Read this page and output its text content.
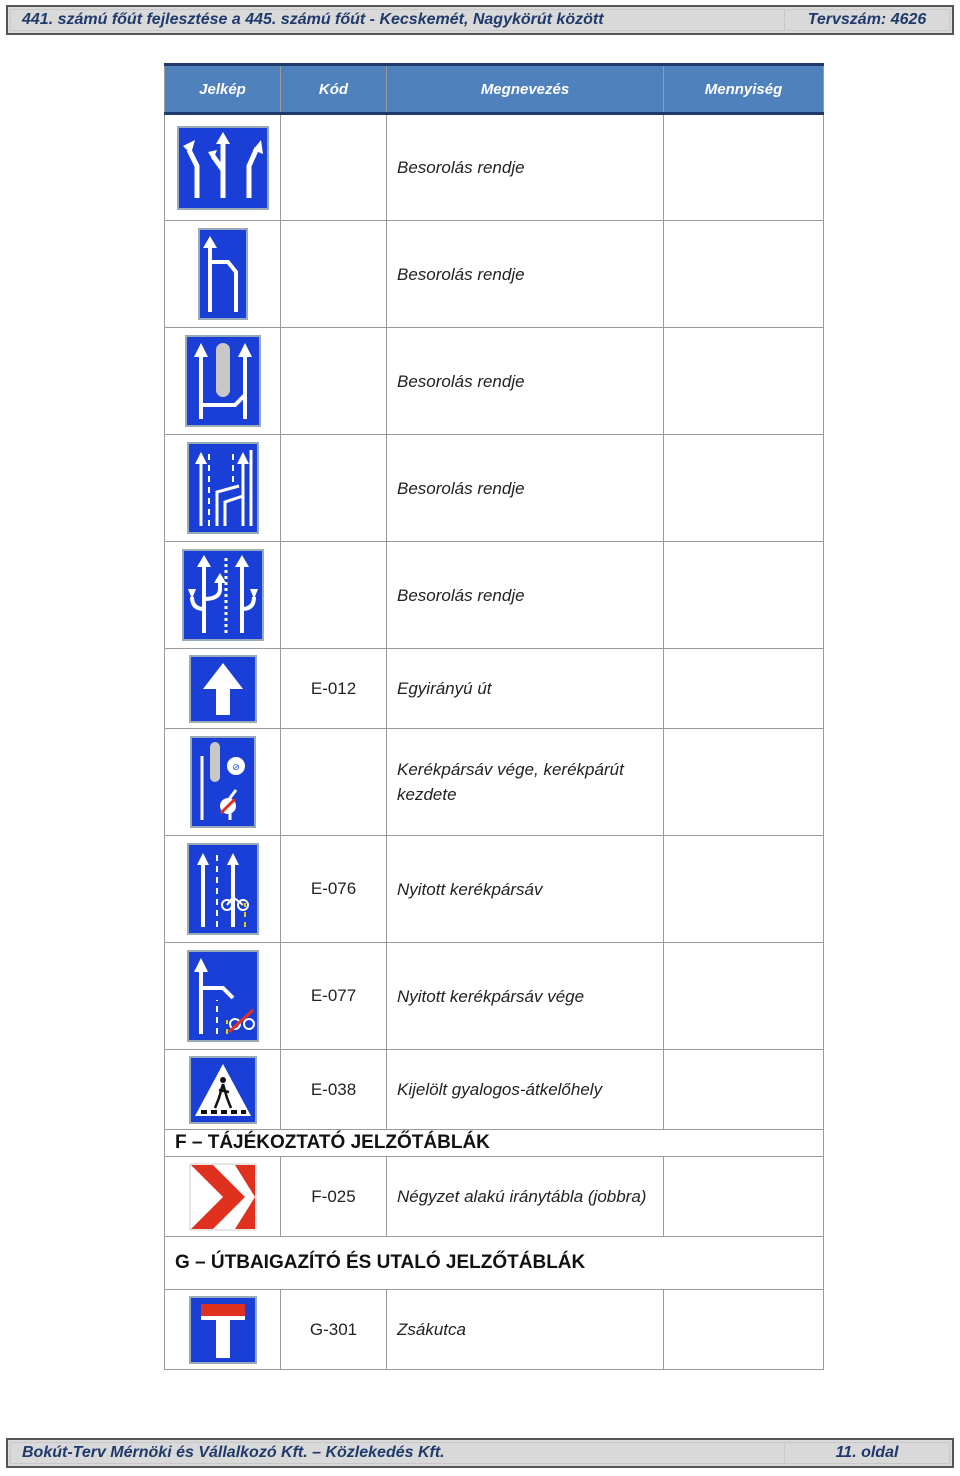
441. számú főút fejlesztése a 445. számú főút - Kecskemét, Nagykörút között	Tervszám: 4626
Jelkép	Kód	Megnevezés	Mennyiség

		Besorolás rendje	

		Besorolás rendje	

		Besorolás rendje	

		Besorolás rendje	

		Besorolás rendje	

	E-012	Egyirányú út	

⊘		Kerékpársáv vége, kerékpárút kezdete	

	E-076	Nyitott kerékpársáv	

	E-077	Nyitott kerékpársáv vége	

	E-038	Kijelölt gyalogos-átkelőhely	
F – TÁJÉKOZTATÓ JELZŐTÁBLÁK			

	F-025	Négyzet alakú iránytábla (jobbra)	
G – ÚTBAIGAZÍTÓ ÉS UTALÓ JELZŐTÁBLÁK			

	G-301	Zsákutca	
Bokút-Terv Mérnöki és Vállalkozó Kft. – Közlekedés Kft.	11. oldal
